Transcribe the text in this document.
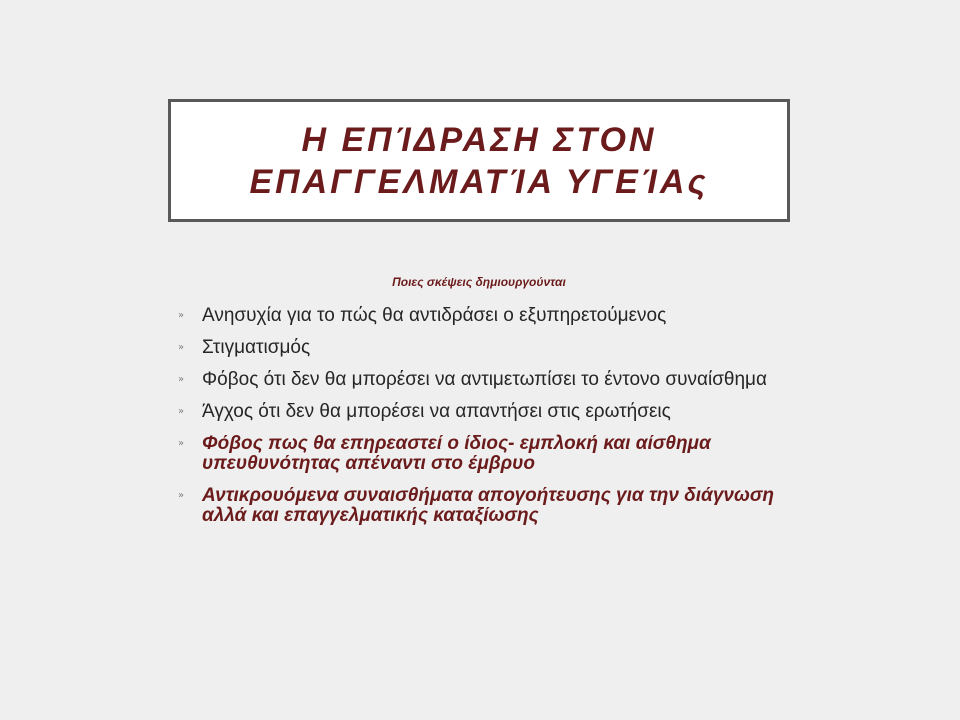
Η ΕΠΊΔΡΑΣΗ ΣΤΟΝ
ΕΠΑΓΓΕΛΜΑΤΊΑ ΥΓΕΊΑς
Ποιες σκέψεις δημιουργούνται
» Ανησυχία για το πώς θα αντιδράσει ο εξυπηρετούμενος
» Στιγματισμός
» Φόβος ότι δεν θα μπορέσει να αντιμετωπίσει το έντονο συναίσθημα
» Άγχος ότι δεν θα μπορέσει να απαντήσει στις ερωτήσεις
» Φόβος πως θα επηρεαστεί ο ίδιος- εμπλοκή και αίσθημα υπευθυνότητας απέναντι στο έμβρυο
» Αντικρουόμενα συναισθήματα απογοήτευσης για την διάγνωση αλλά και επαγγελματικής καταξίωσης
